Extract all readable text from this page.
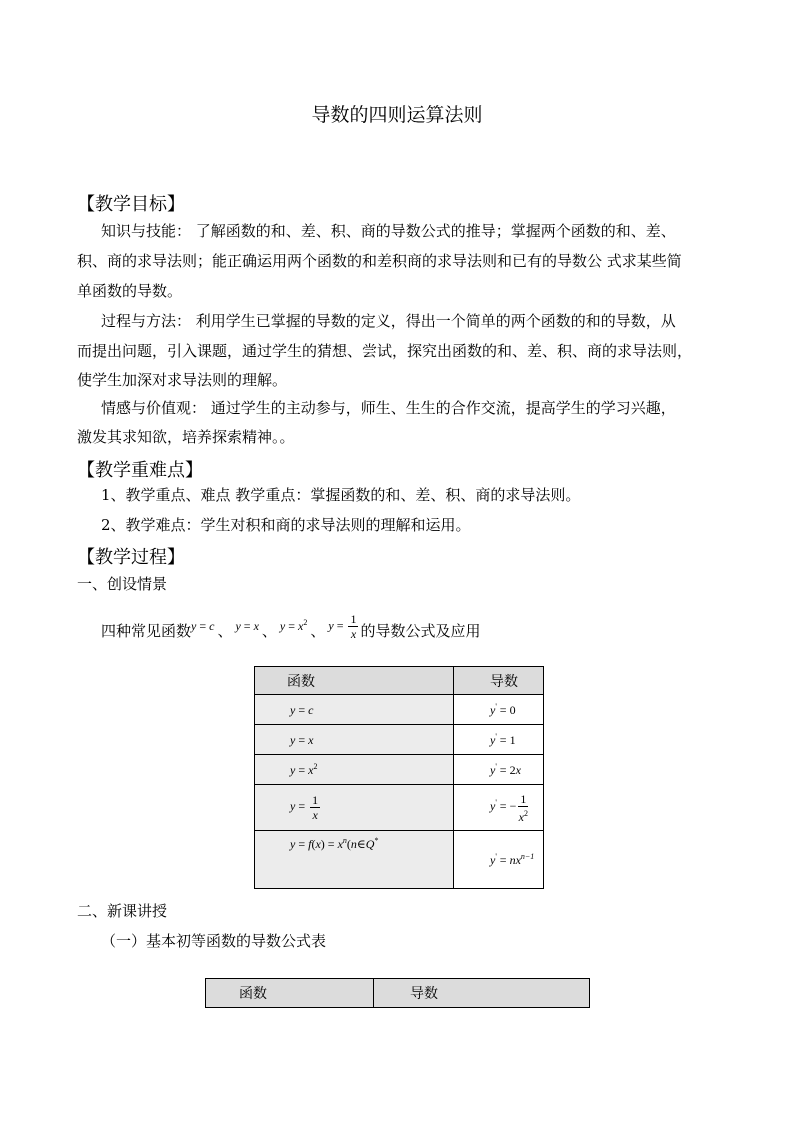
导数的四则运算法则
【教学目标】
知识与技能： 了解函数的和、差、积、商的导数公式的推导；掌握两个函数的和、差、
积、商的求导法则；能正确运用两个函数的和差积商的求导法则和已有的导数公 式求某些简
单函数的导数。
过程与方法： 利用学生已掌握的导数的定义，得出一个简单的两个函数的和的导数，从
而提出问题，引入课题，通过学生的猜想、尝试，探究出函数的和、差、积、商的求导法则，
使学生加深对求导法则的理解。
情感与价值观： 通过学生的主动参与，师生、生生的合作交流，提高学生的学习兴趣，
激发其求知欲，培养探索精神。。
【教学重难点】
1、教学重点、难点 教学重点：掌握函数的和、差、积、商的求导法则。
2、教学难点：学生对积和商的求导法则的理解和运用。
【教学过程】
一、创设情景
四种常见函数 y = c 、 y = x 、 $y = x^2$ 、 $y = \frac{1}{x}$ 的导数公式及应用
函数	导数
y = c	y' = 0
y = x	y' = 1
$y = x^2$	y' = 2x
$y = \frac{1}{x}$	y' = − $\frac{1}{x^2}$

$y = f(x) = x^n(n\in Q^*$	$y' = nx^{n-1}$
二、新课讲授
（一）基本初等函数的导数公式表
函数	导数
